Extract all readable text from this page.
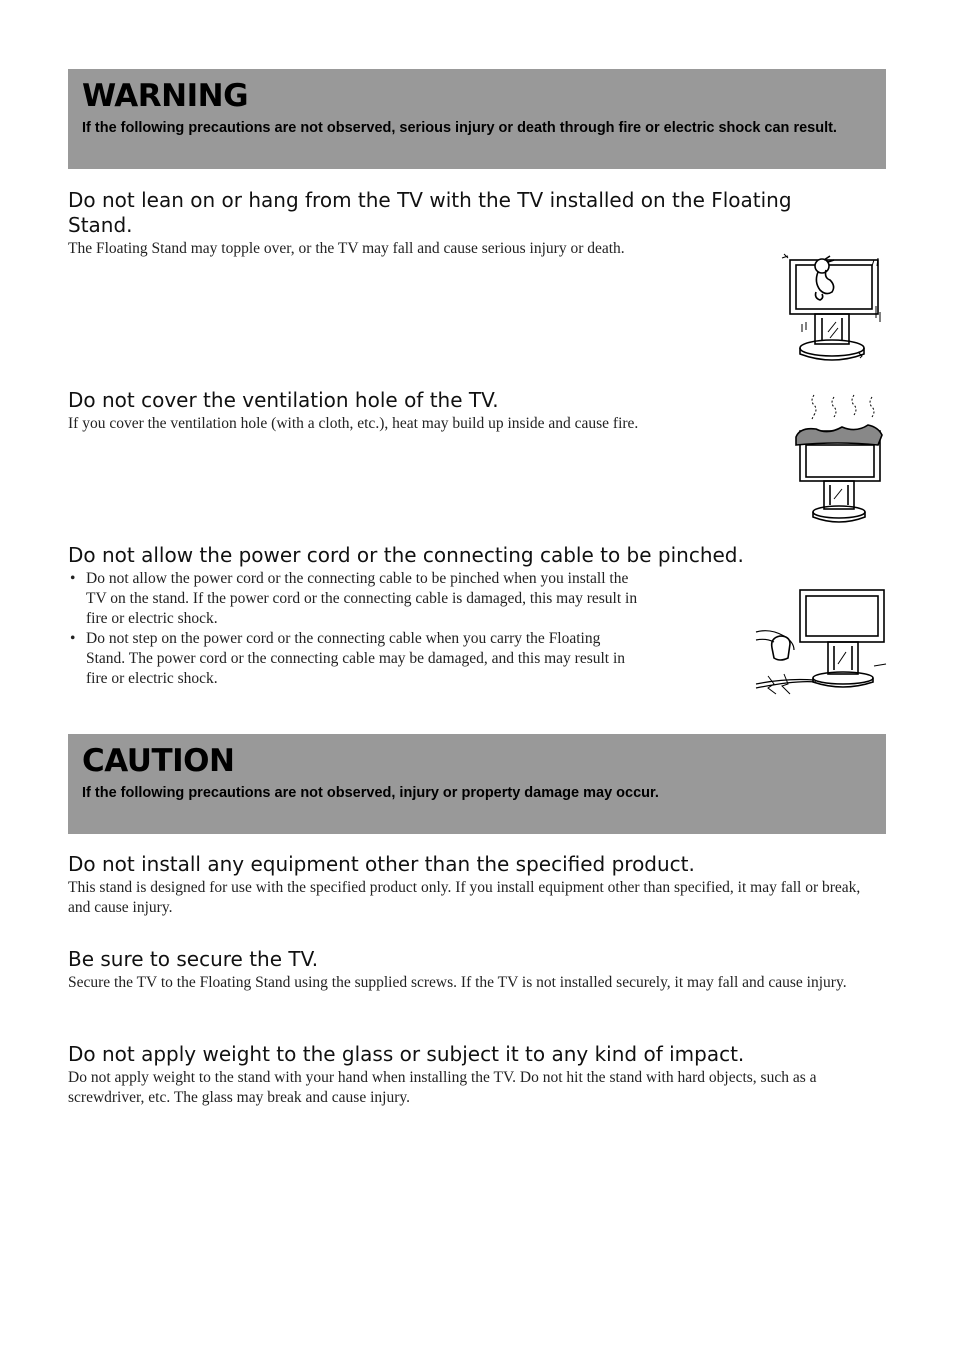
WARNING

If the following precautions are not observed, serious injury or death through fire or electric shock can result.

Do not lean on or hang from the TV with the TV installed on the Floating Stand.

The Floating Stand may topple over, or the TV may fall and cause serious injury or death.

Do not cover the ventilation hole of the TV.

If you cover the ventilation hole (with a cloth, etc.), heat may build up inside and cause fire.

Do not allow the power cord or the connecting cable to be pinched.
• Do not allow the power cord or the connecting cable to be pinched when you install the TV on the stand. If the power cord or the connecting cable is damaged, this may result in fire or electric shock.
• Do not step on the power cord or the connecting cable when you carry the Floating Stand. The power cord or the connecting cable may be damaged, and this may result in fire or electric shock.
CAUTION

If the following precautions are not observed, injury or property damage may occur.

Do not install any equipment other than the specified product.

This stand is designed for use with the specified product only. If you install equipment other than specified, it may fall or break, and cause injury.

Be sure to secure the TV.

Secure the TV to the Floating Stand using the supplied screws. If the TV is not installed securely, it may fall and cause injury.

Do not apply weight to the glass or subject it to any kind of impact.

Do not apply weight to the stand with your hand when installing the TV. Do not hit the stand with hard objects, such as a screwdriver, etc. The glass may break and cause injury.
